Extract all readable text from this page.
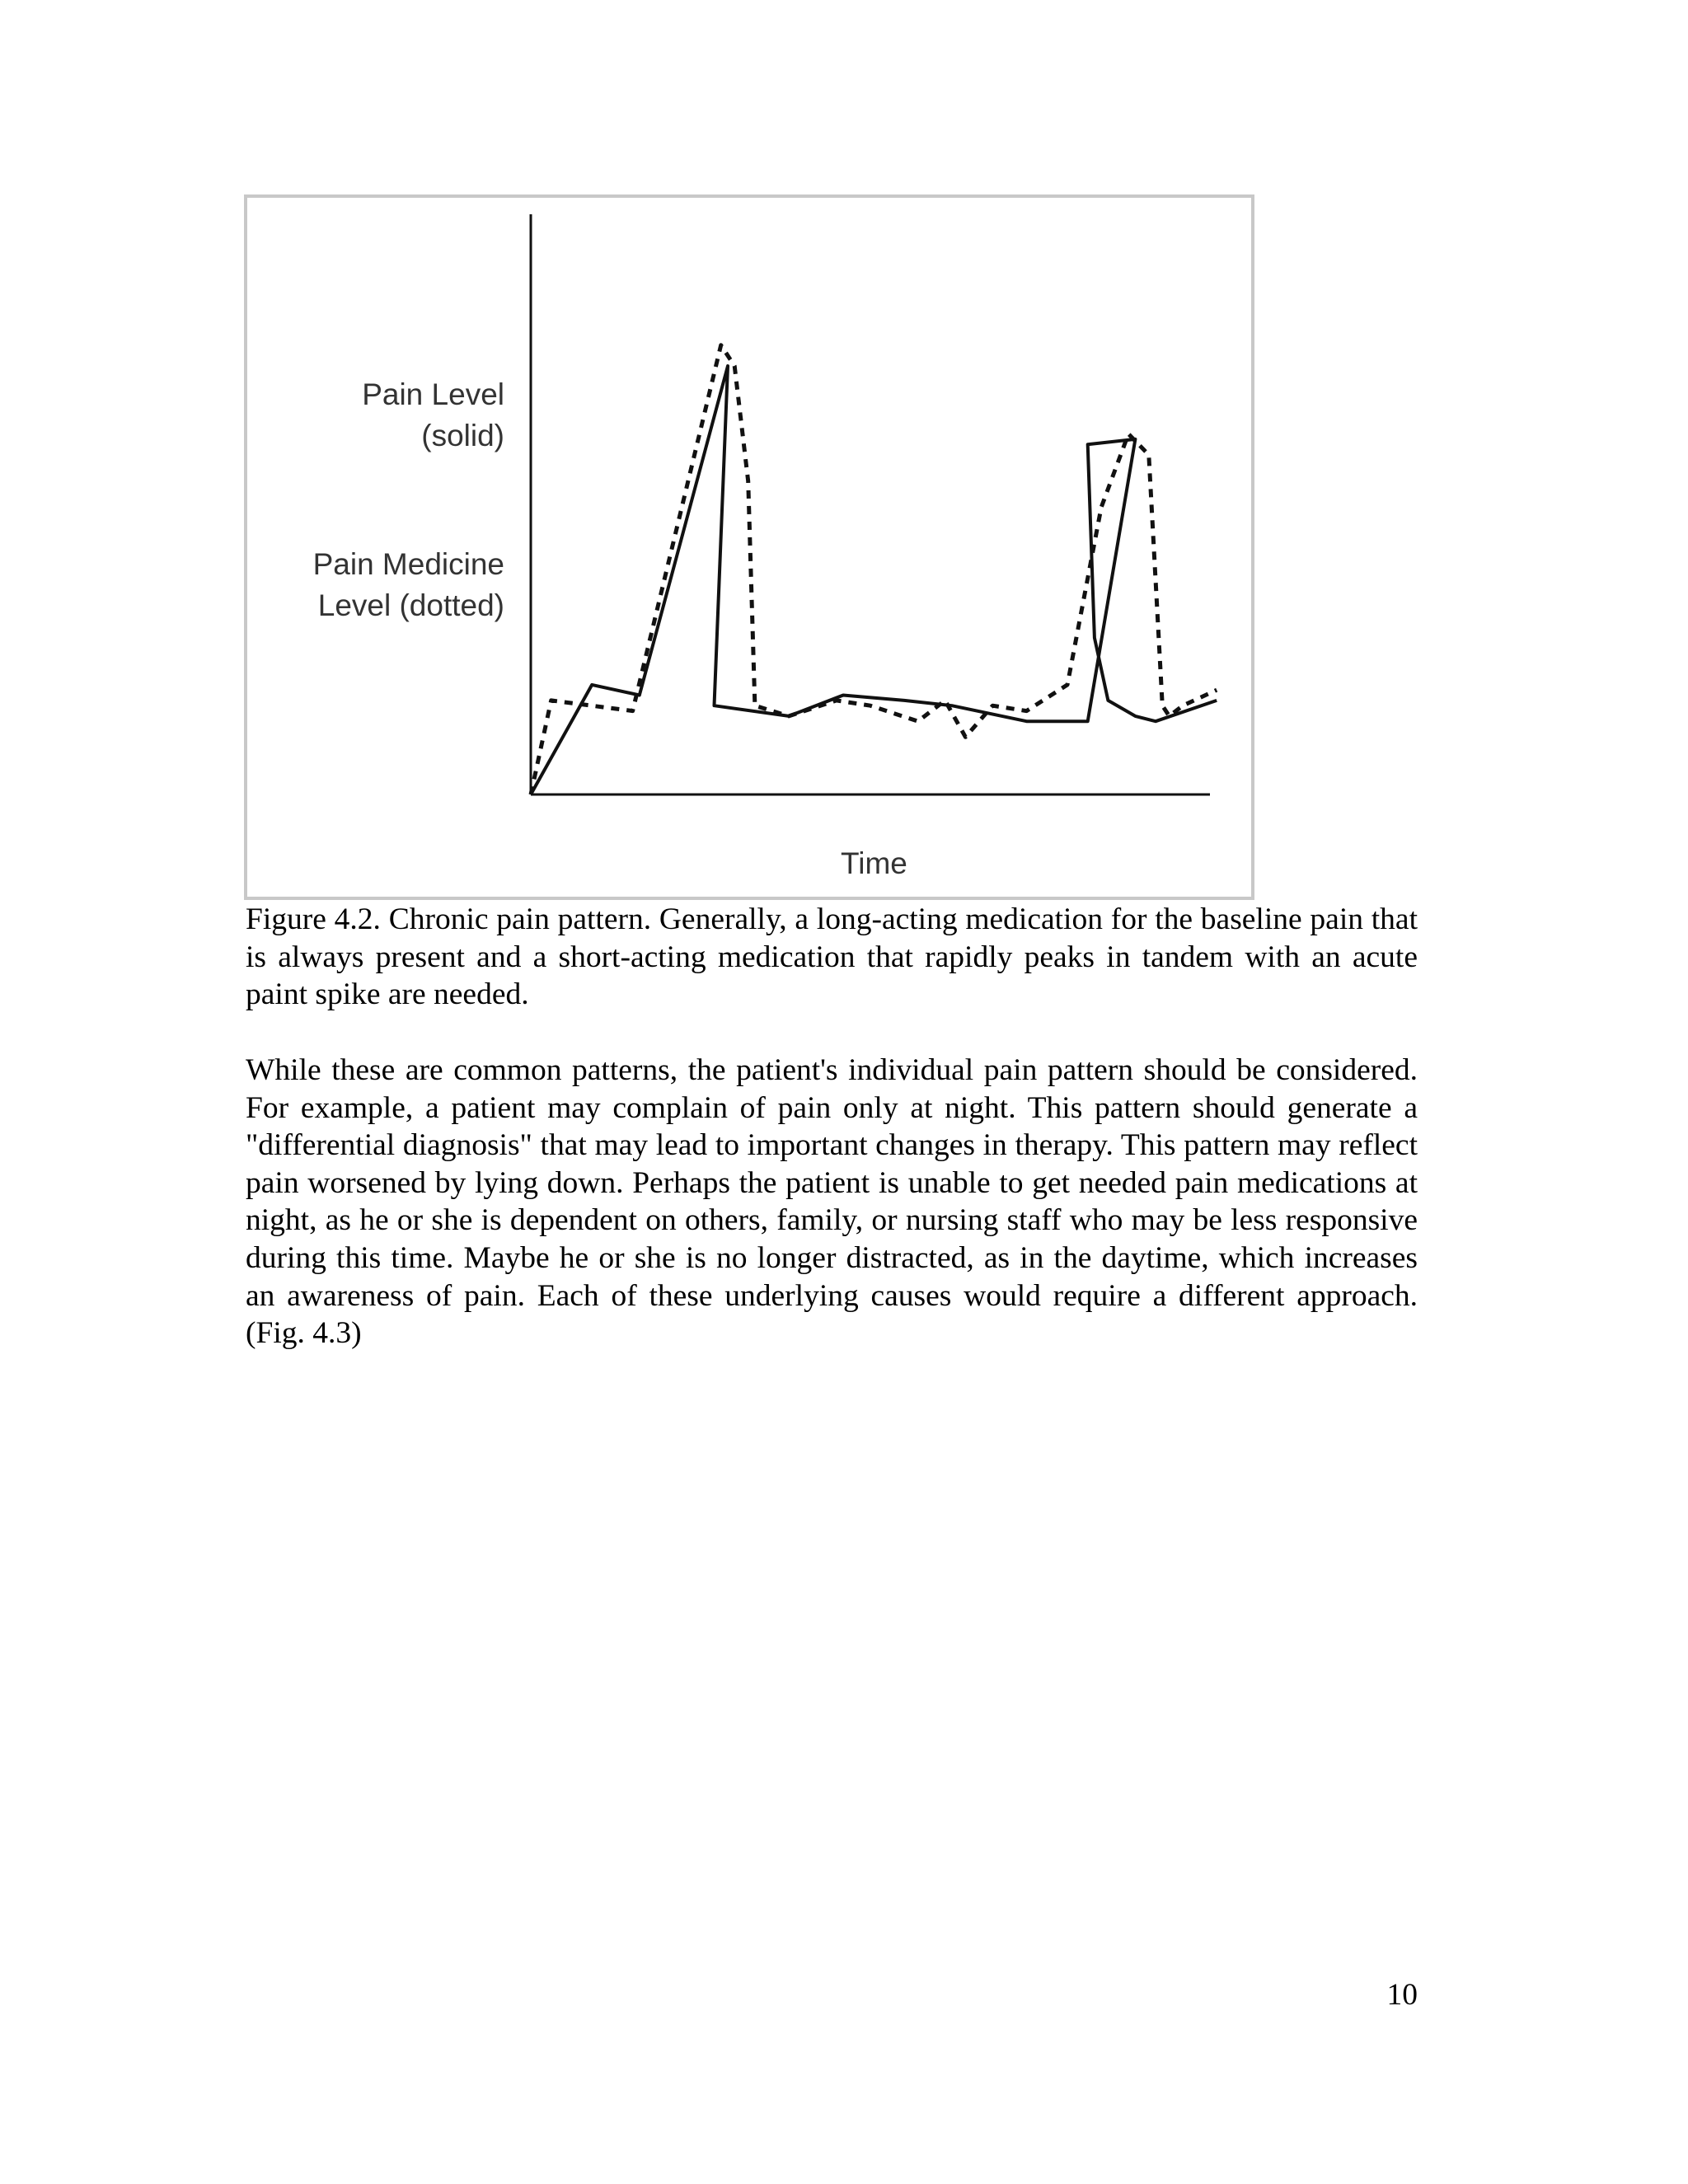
Pain Level
(solid)
Pain Medicine
Level (dotted)
Time

Figure 4.2. Chronic pain pattern. Generally, a long-acting medication for the baseline pain that is always present and a short-acting medication that rapidly peaks in tandem with an acute paint spike are needed.

While these are common patterns, the patient's individual pain pattern should be considered. For example, a patient may complain of pain only at night. This pattern should generate a "differential diagnosis" that may lead to important changes in therapy. This pattern may reflect pain worsened by lying down. Perhaps the patient is unable to get needed pain medications at night, as he or she is dependent on others, family, or nursing staff who may be less responsive during this time. Maybe he or she is no longer distracted, as in the daytime, which increases an awareness of pain. Each of these underlying causes would require a different approach. (Fig. 4.3)

10
